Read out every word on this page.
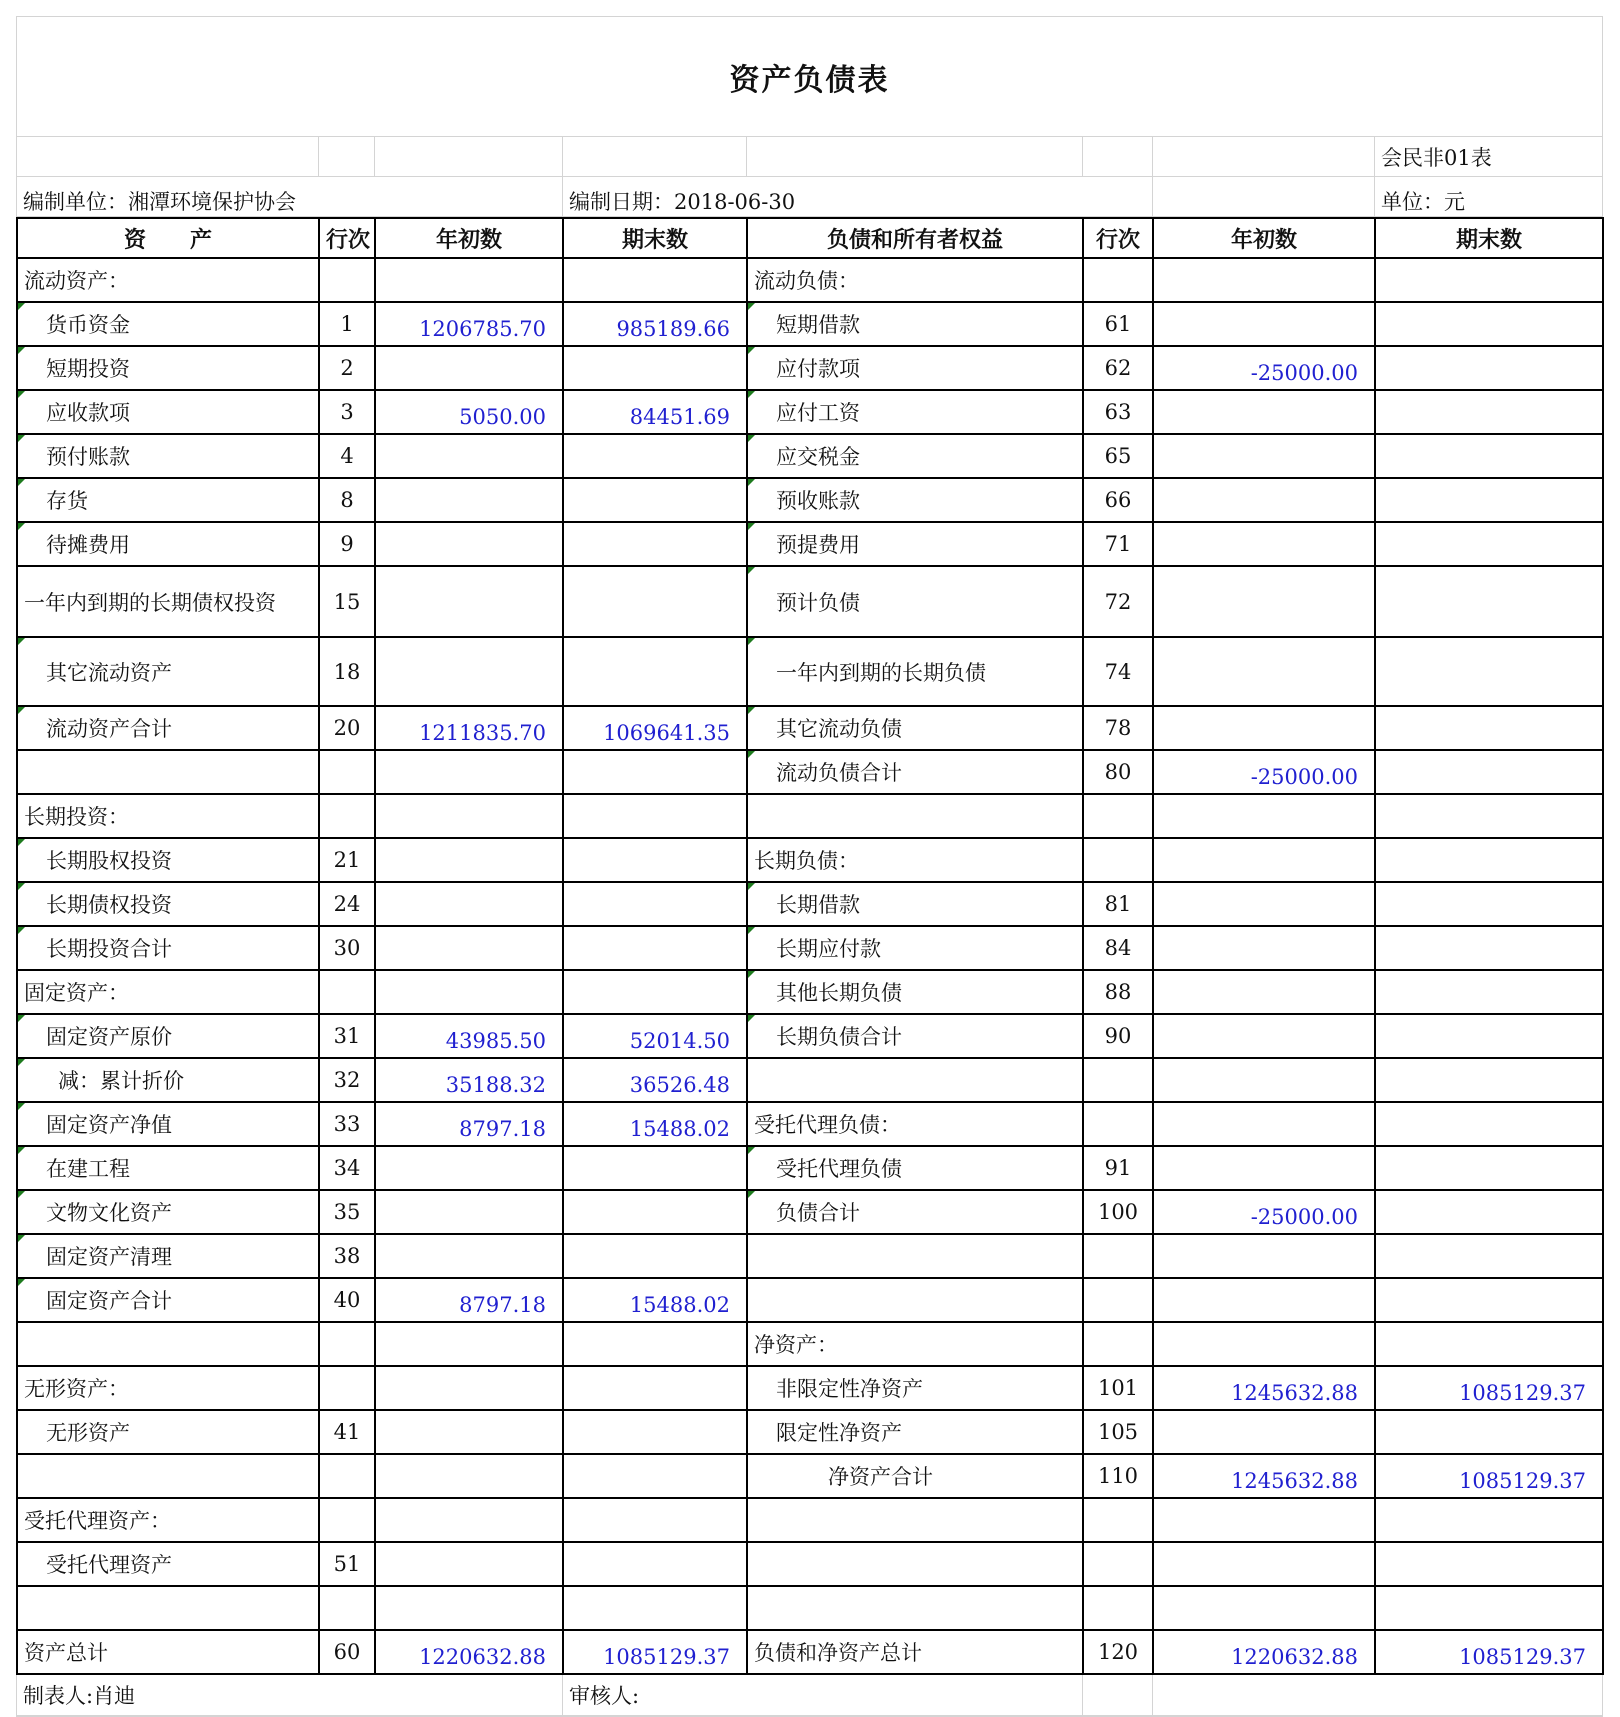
资产负债表							
							会民非01表
编制单位：湘潭环境保护协会			编制日期：2018-06-30				单位：元
资　　产	行次	年初数	期末数	负债和所有者权益	行次	年初数	期末数
流动资产：				流动负债：			
货币资金	1	1206785.70	985189.66	短期借款	61		
短期投资	2			应付款项	62	-25000.00	
应收款项	3	5050.00	84451.69	应付工资	63		
预付账款	4			应交税金	65		
存货	8			预收账款	66		
待摊费用	9			预提费用	71		
一年内到期的长期债权投资	15			预计负债	72		
其它流动资产	18			一年内到期的长期负债	74		
流动资产合计	20	1211835.70	1069641.35	其它流动负债	78		
				流动负债合计	80	-25000.00	
长期投资：							
长期股权投资	21			长期负债：			
长期债权投资	24			长期借款	81		
长期投资合计	30			长期应付款	84		
固定资产：				其他长期负债	88		
固定资产原价	31	43985.50	52014.50	长期负债合计	90		
减：累计折价	32	35188.32	36526.48				
固定资产净值	33	8797.18	15488.02	受托代理负债：			
在建工程	34			受托代理负债	91		
文物文化资产	35			负债合计	100	-25000.00	
固定资产清理	38						
固定资产合计	40	8797.18	15488.02				
				净资产：			
无形资产：				非限定性净资产	101	1245632.88	1085129.37
无形资产	41			限定性净资产	105		
				净资产合计	110	1245632.88	1085129.37
受托代理资产：							
受托代理资产	51						

资产总计	60	1220632.88	1085129.37	负债和净资产总计	120	1220632.88	1085129.37
制表人:肖迪	审核人:		
